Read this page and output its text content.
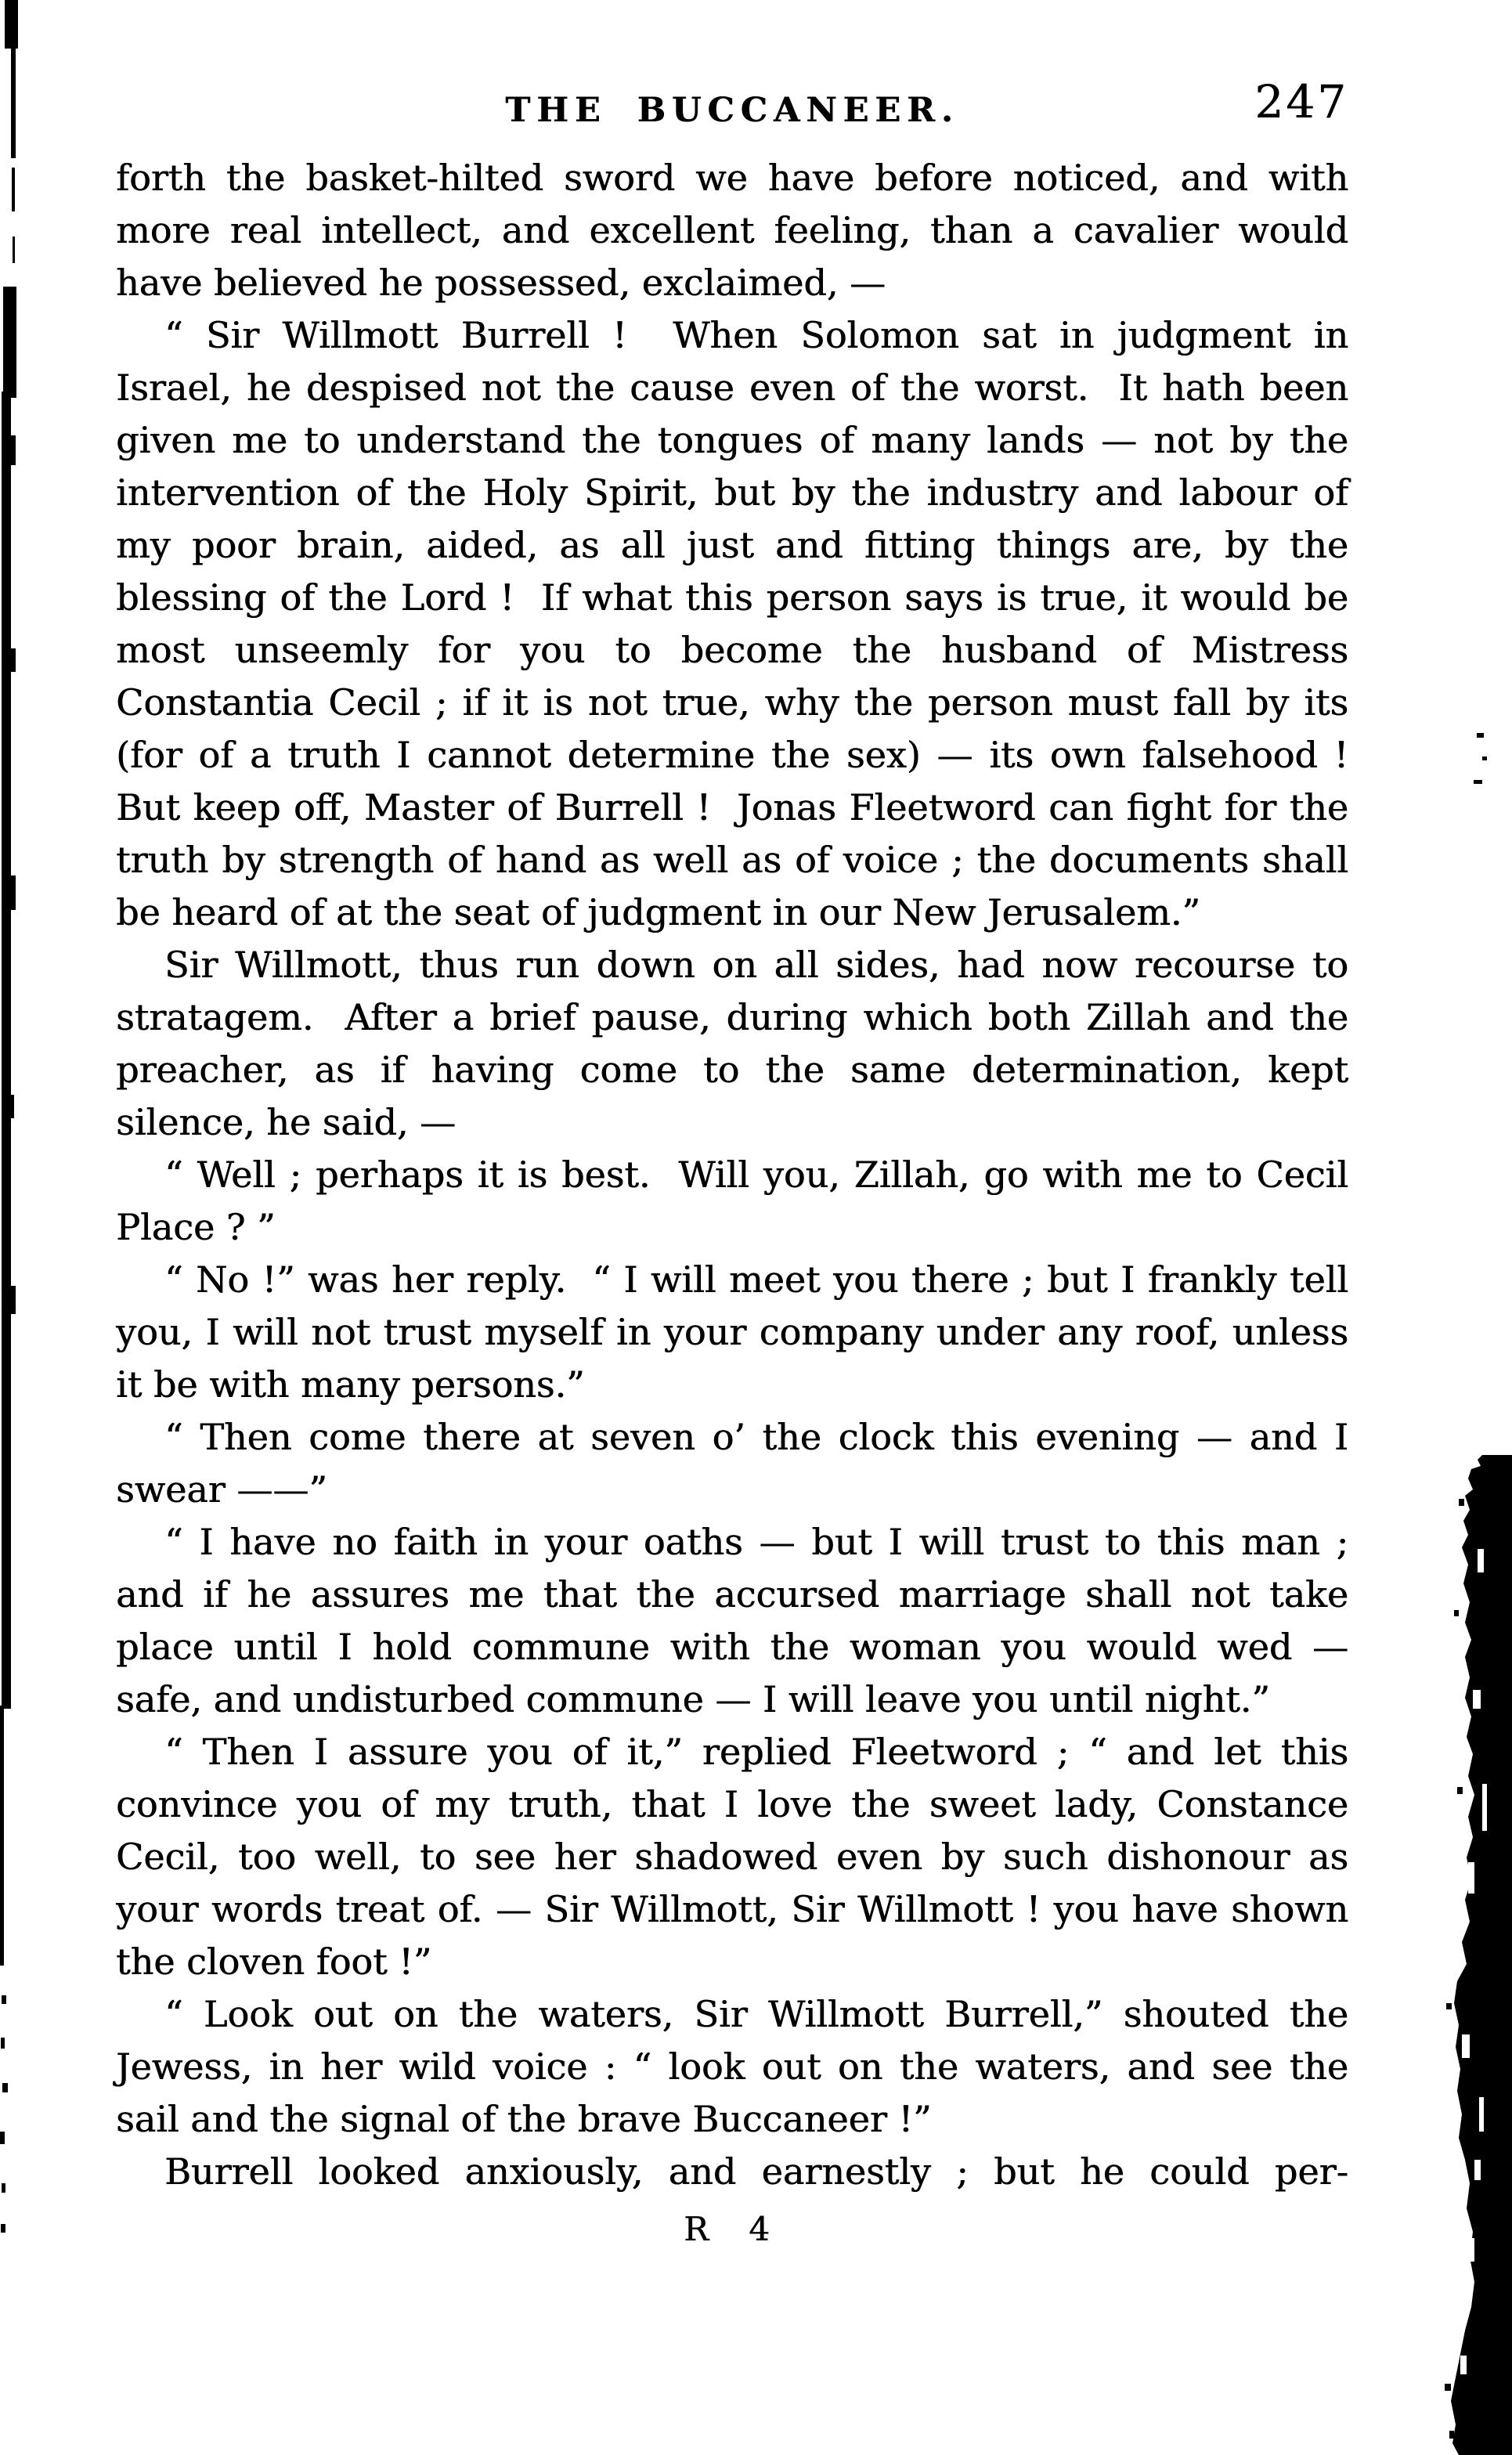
THE BUCCANEER.	247

forth the basket-hilted sword we have before noticed, and with more real intellect, and excellent feeling, than a cavalier would have believed he possessed, exclaimed, —

“ Sir Willmott Burrell !  When Solomon sat in judgment in Israel, he despised not the cause even of the worst.  It hath been given me to understand the tongues of many lands — not by the intervention of the Holy Spirit, but by the industry and labour of my poor brain, aided, as all just and fitting things are, by the blessing of the Lord !  If what this person says is true, it would be most unseemly for you to become the husband of Mistress Constantia Cecil ; if it is not true, why the person must fall by its (for of a truth I cannot determine the sex) — its own falsehood !  But keep off, Master of Burrell !  Jonas Fleetword can fight for the truth by strength of hand as well as of voice ; the documents shall be heard of at the seat of judgment in our New Jerusalem.”

Sir Willmott, thus run down on all sides, had now recourse to stratagem.  After a brief pause, during which both Zillah and the preacher, as if having come to the same determination, kept silence, he said, —

“ Well ; perhaps it is best.  Will you, Zillah, go with me to Cecil Place ? ”

“ No !” was her reply.  “ I will meet you there ; but I frankly tell you, I will not trust myself in your company under any roof, unless it be with many persons.”

“ Then come there at seven o’ the clock this evening — and I swear ——”

“ I have no faith in your oaths — but I will trust to this man ; and if he assures me that the accursed marriage shall not take place until I hold commune with the woman you would wed — safe, and undisturbed commune — I will leave you until night.”

“ Then I assure you of it,” replied Fleetword ; “ and let this convince you of my truth, that I love the sweet lady, Constance Cecil, too well, to see her shadowed even by such dishonour as your words treat of. — Sir Willmott, Sir Willmott ! you have shown the cloven foot !”

“ Look out on the waters, Sir Willmott Burrell,” shouted the Jewess, in her wild voice : “ look out on the waters, and see the sail and the signal of the brave Buccaneer !”

Burrell looked anxiously, and earnestly ; but he could per-

R 4
